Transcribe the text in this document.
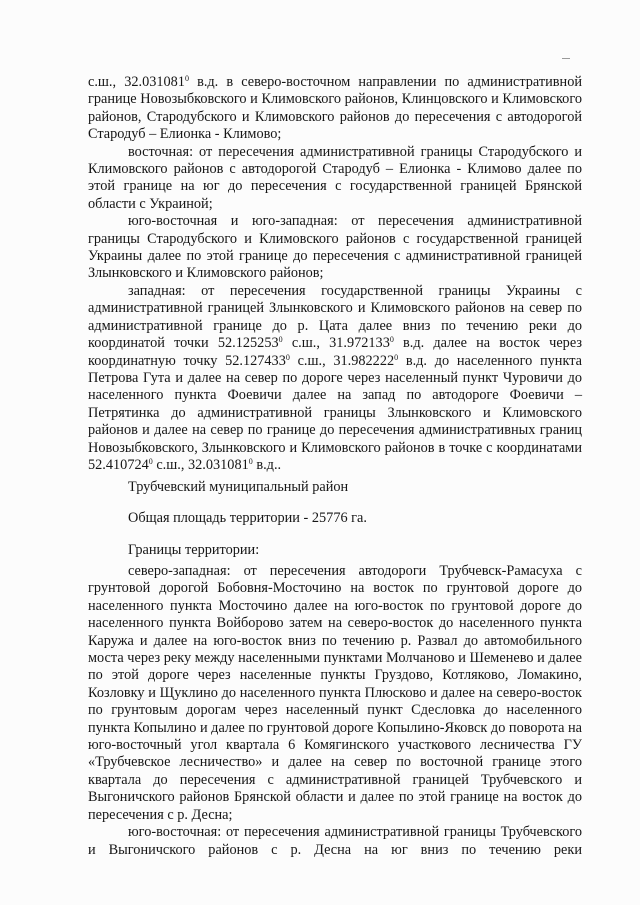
с.ш., 32.031081$^0$ в.д. в северо-восточном направлении по административной границе Новозыбковского и Климовского районов, Клинцовского и Климовского районов, Стародубского и Климовского районов до пересечения с автодорогой Стародуб – Елионка - Климово;

восточная: от пересечения административной границы Стародубского и Климовского районов с автодорогой Стародуб – Елионка - Климово далее по этой границе на юг до пересечения с государственной границей Брянской области с Украиной;

юго-восточная и юго-западная: от пересечения административной границы Стародубского и Климовского районов с государственной границей Украины далее по этой границе до пересечения с административной границей Злынковского и Климовского районов;

западная: от пересечения государственной границы Украины с административной границей Злынковского и Климовского районов на север по административной границе до р. Цата далее вниз по течению реки до координатой точки 52.125253$^0$ с.ш., 31.972133$^0$ в.д. далее на восток через координатную точку 52.127433$^0$ с.ш., 31.982222$^0$ в.д. до населенного пункта Петрова Гута и далее на север по дороге через населенный пункт Чуровичи до населенного пункта Фоевичи далее на запад по автодороге Фоевичи – Петрятинка до административной границы Злынковского и Климовского районов и далее на север по границе до пересечения административных границ Новозыбковского, Злынковского и Климовского районов в точке с координатами 52.410724$^0$ с.ш., 32.031081$^0$ в.д..

Трубчевский муниципальный район
Общая площадь территории - 25776 га.
Границы территории:

северо-западная: от пересечения автодороги Трубчевск-Рамасуха с грунтовой дорогой Бобовня-Мосточино на восток по грунтовой дороге до населенного пункта Мосточино далее на юго-восток по грунтовой дороге до населенного пункта Войборово затем на северо-восток до населенного пункта Каружа и далее на юго-восток вниз по течению р. Развал до автомобильного моста через реку между населенными пунктами Молчаново и Шеменево и далее по этой дороге через населенные пункты Груздово, Котляково, Ломакино, Козловку и Щуклино до населенного пункта Плюсково и далее на северо-восток по грунтовым дорогам через населенный пункт Сдесловка до населенного пункта Копылино и далее по грунтовой дороге Копылино-Яковск до поворота на юго-восточный угол квартала 6 Комягинского участкового лесничества ГУ «Трубчевское лесничество» и далее на север по восточной границе этого квартала до пересечения с административной границей Трубчевского и Выгоничского районов Брянской области и далее по этой границе на восток до пересечения с р. Десна;

юго-восточная: от пересечения административной границы Трубчевского и Выгоничского районов с р. Десна на юг вниз по течению реки
